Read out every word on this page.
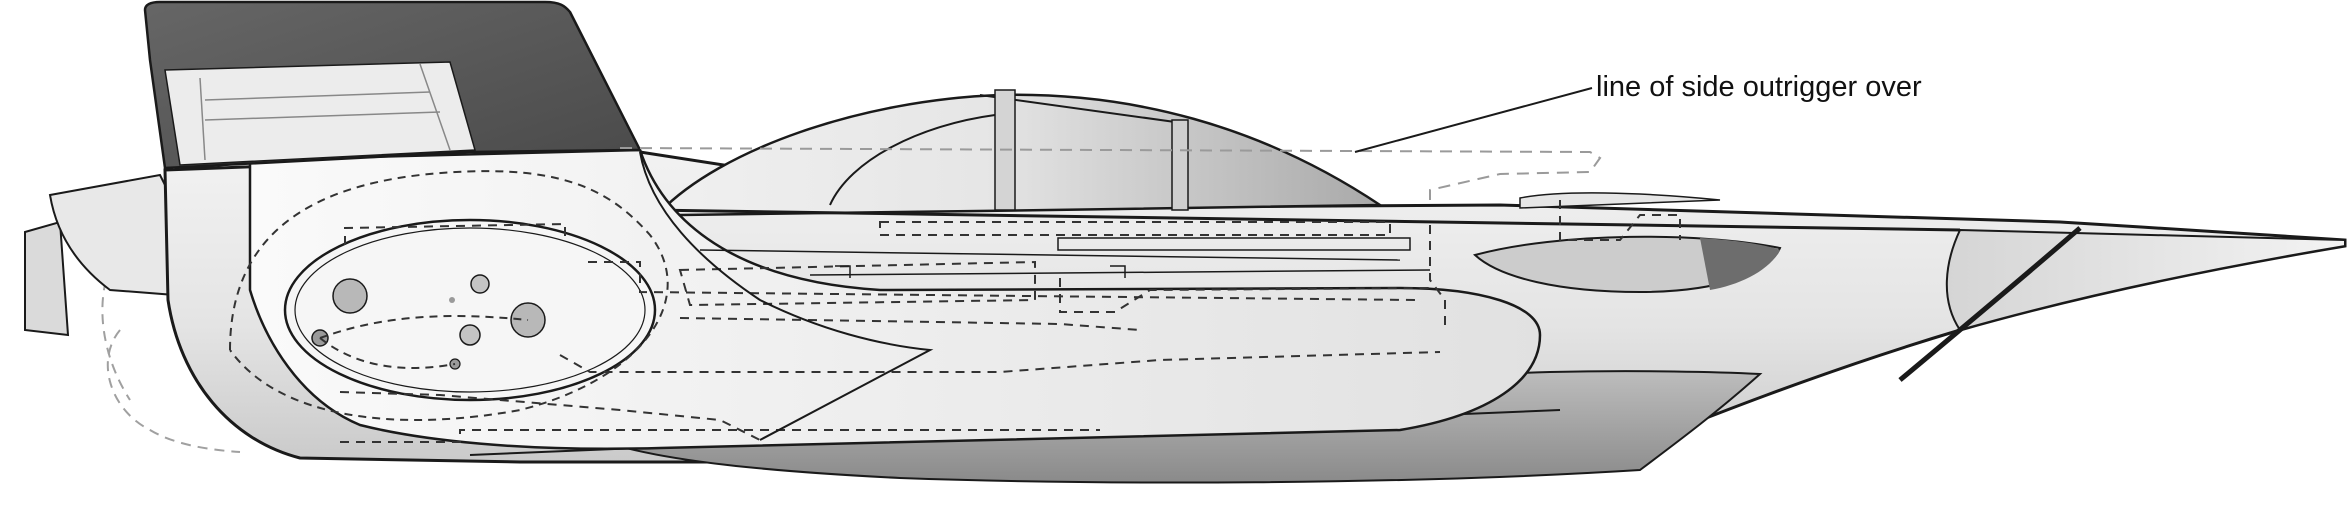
line of side outrigger over
